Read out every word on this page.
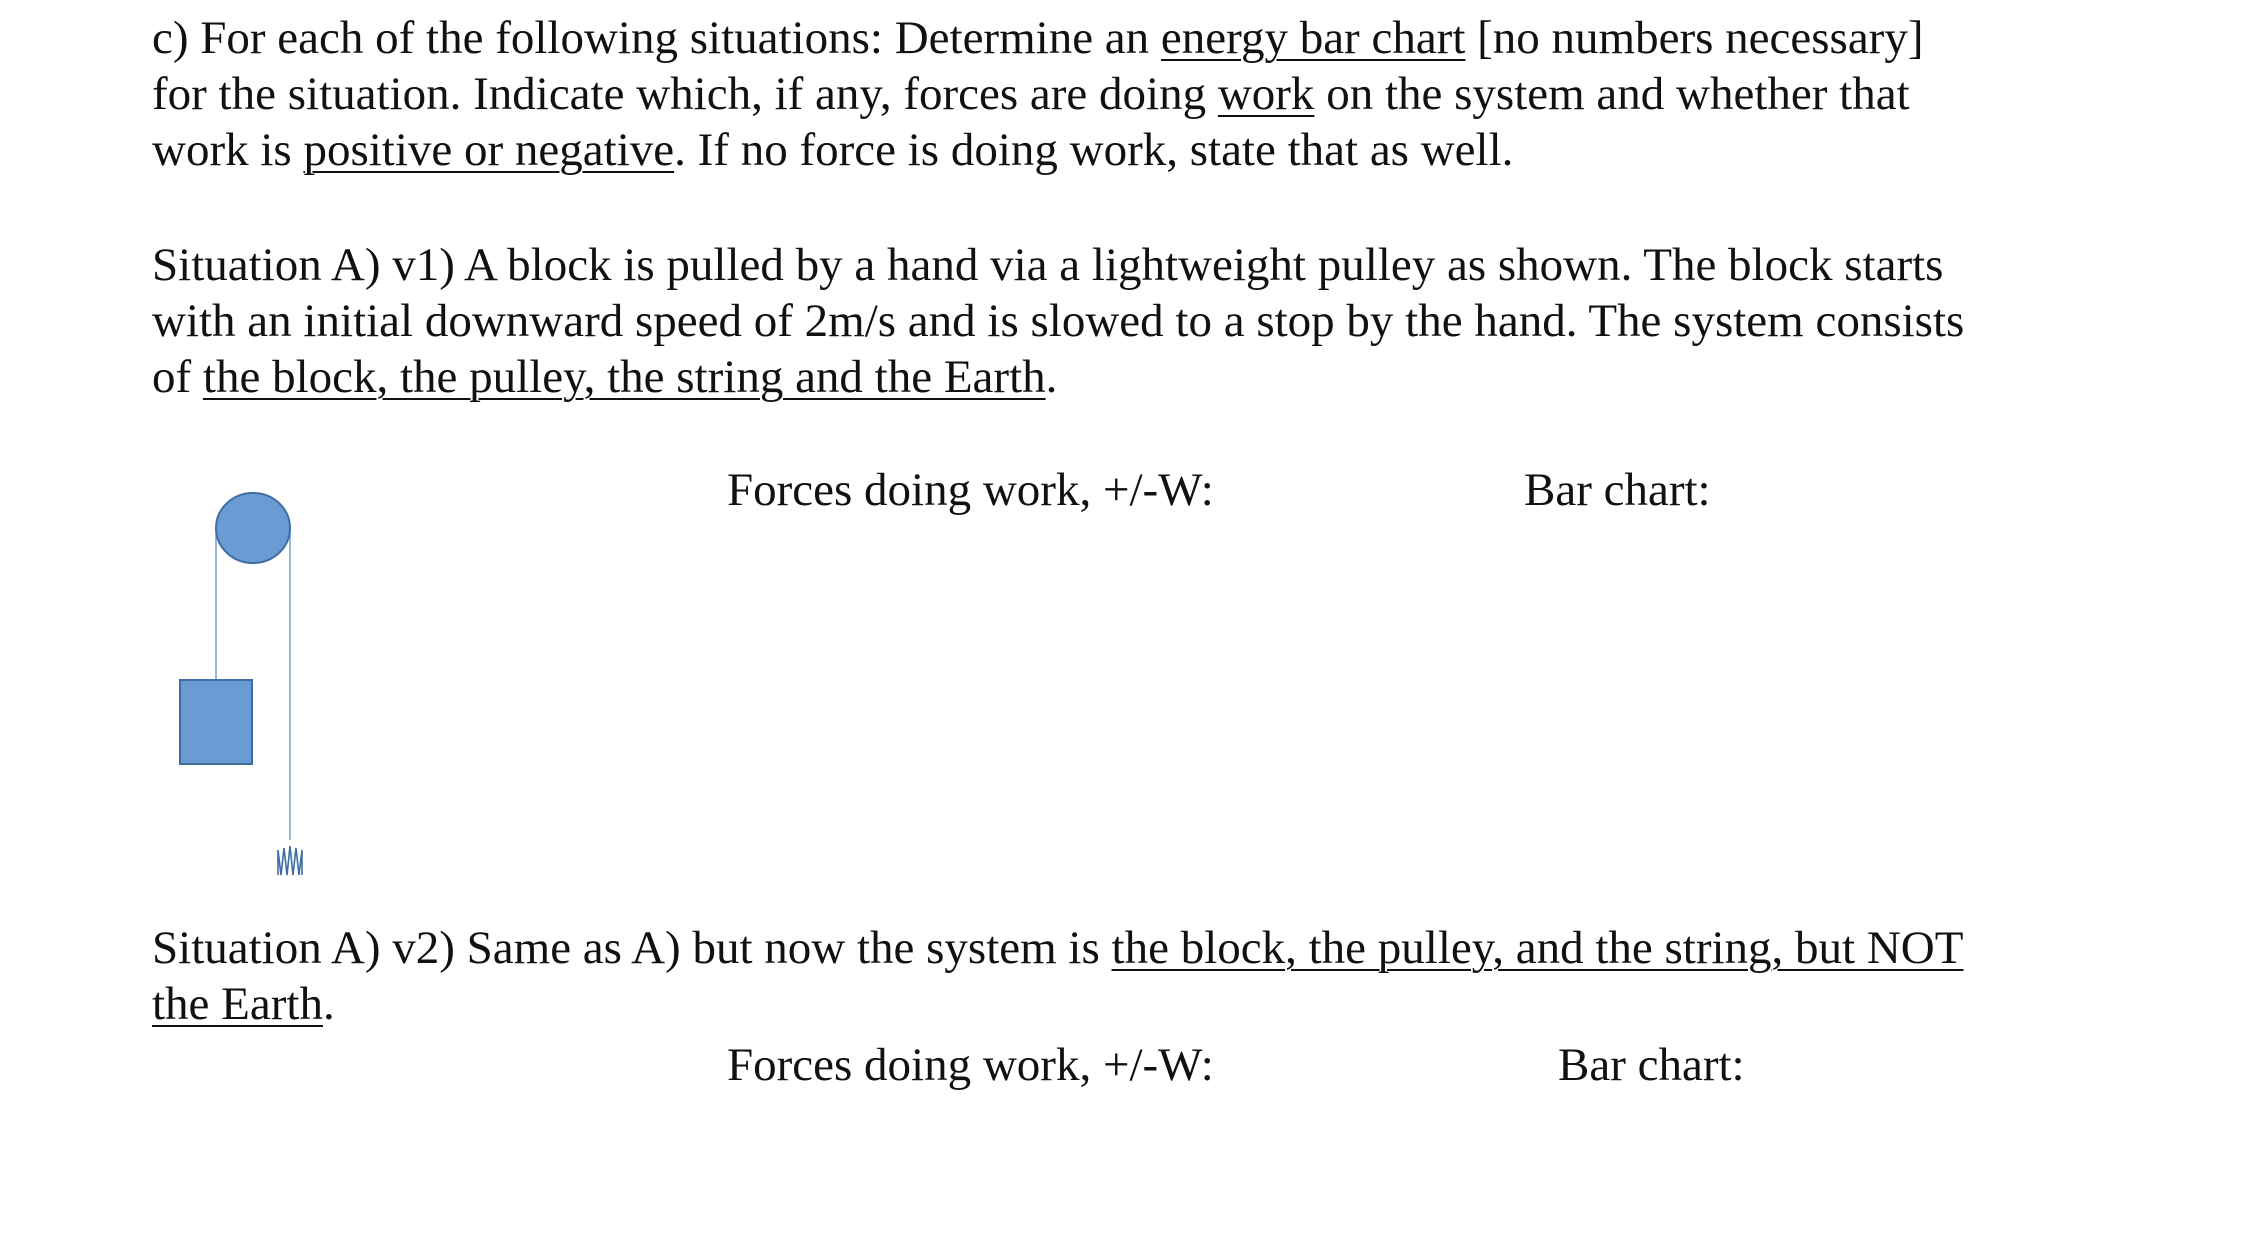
c) For each of the following situations: Determine an energy bar chart [no numbers necessary]
for the situation. Indicate which, if any, forces are doing work on the system and whether that
work is positive or negative. If no force is doing work, state that as well.

Situation A) v1) A block is pulled by a hand via a lightweight pulley as shown. The block starts
with an initial downward speed of 2m/s and is slowed to a stop by the hand. The system consists
of the block, the pulley, the string and the Earth.

Forces doing work, +/-W:	Bar chart:

Situation A) v2) Same as A) but now the system is the block, the pulley, and the string, but NOT
the Earth.

Forces doing work, +/-W:	Bar chart:
